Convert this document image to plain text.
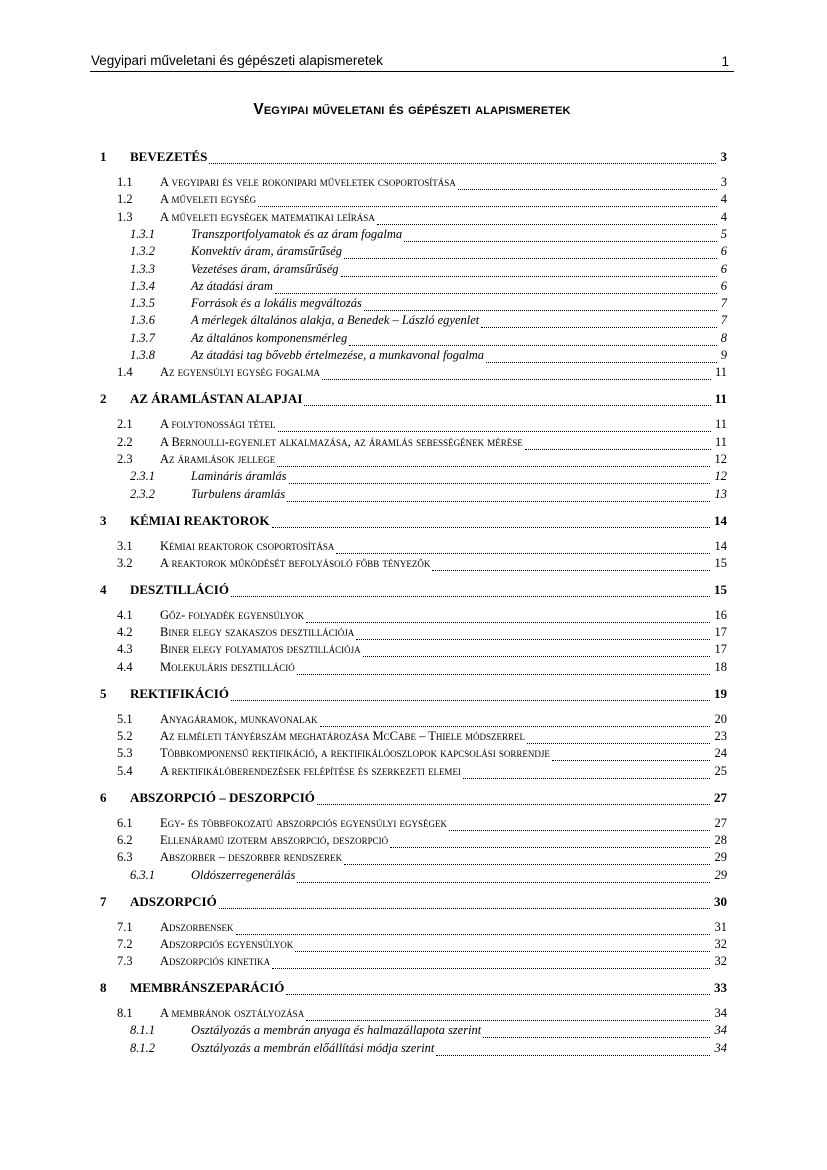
Vegyipari műveletani és gépészeti alapismeretek	1
Vegyipai műveletani és gépészeti alapismeretek
1 BEVEZETÉS	3
1.1 A vegyipari és vele rokonipari műveletek csoportosítása	3
1.2 A műveleti egység	4
1.3 A műveleti egységek matematikai leírása	4
1.3.1	Transzportfolyamatok és az áram fogalma	5
1.3.2	Konvektív áram, áramsűrűség	6
1.3.3	Vezetéses áram, áramsűrűség	6
1.3.4	Az átadási áram	6
1.3.5	Források és a lokális megváltozás	7
1.3.6	A mérlegek általános alakja, a Benedek – László egyenlet	7
1.3.7	Az általános komponensmérleg	8
1.3.8	Az átadási tag bővebb értelmezése, a munkavonal fogalma	9
1.4 Az egyensúlyi egység fogalma	11
2 AZ ÁRAMLÁSTAN ALAPJAI	11
2.1 A folytonossági tétel	11
2.2 A Bernoulli-egyenlet alkalmazása, az áramlás sebességének mérése	11
2.3 Az áramlások jellege	12
2.3.1	Lamináris áramlás	12
2.3.2	Turbulens áramlás	13
3 KÉMIAI REAKTOROK	14
3.1 Kémiai reaktorok csoportosítása	14
3.2 A reaktorok működését befolyásoló főbb tényezők	15
4 DESZTILLÁCIÓ	15
4.1 Gőz- folyadék egyensúlyok	16
4.2 Biner elegy szakaszos desztillációja	17
4.3 Biner elegy folyamatos desztillációja	17
4.4 Molekuláris desztilláció	18
5 REKTIFIKÁCIÓ	19
5.1 Anyagáramok, munkavonalak	20
5.2 Az elméleti tányérszám meghatározása McCabe – Thiele módszerrel	23
5.3 Többkomponensű rektifikáció, a rektifikálóoszlopok kapcsolási sorrendje	24
5.4 A rektifikálóberendezések felépítése és szerkezeti elemei	25
6 ABSZORPCIÓ – DESZORPCIÓ	27
6.1 Egy- és többfokozatú abszorpciós egyensúlyi egységek	27
6.2 Ellenáramú izoterm abszorpció, deszorpció	28
6.3 Abszorber – deszorber rendszerek	29
6.3.1	Oldószerregenerálás	29
7 ADSZORPCIÓ	30
7.1 Adszorbensek	31
7.2 Adszorpciós egyensúlyok	32
7.3 Adszorpciós kinetika	32
8 MEMBRÁNSZEPARÁCIÓ	33
8.1 A membránok osztályozása	34
8.1.1	Osztályozás a membrán anyaga és halmazállapota szerint	34
8.1.2	Osztályozás a membrán előállítási módja szerint	34
